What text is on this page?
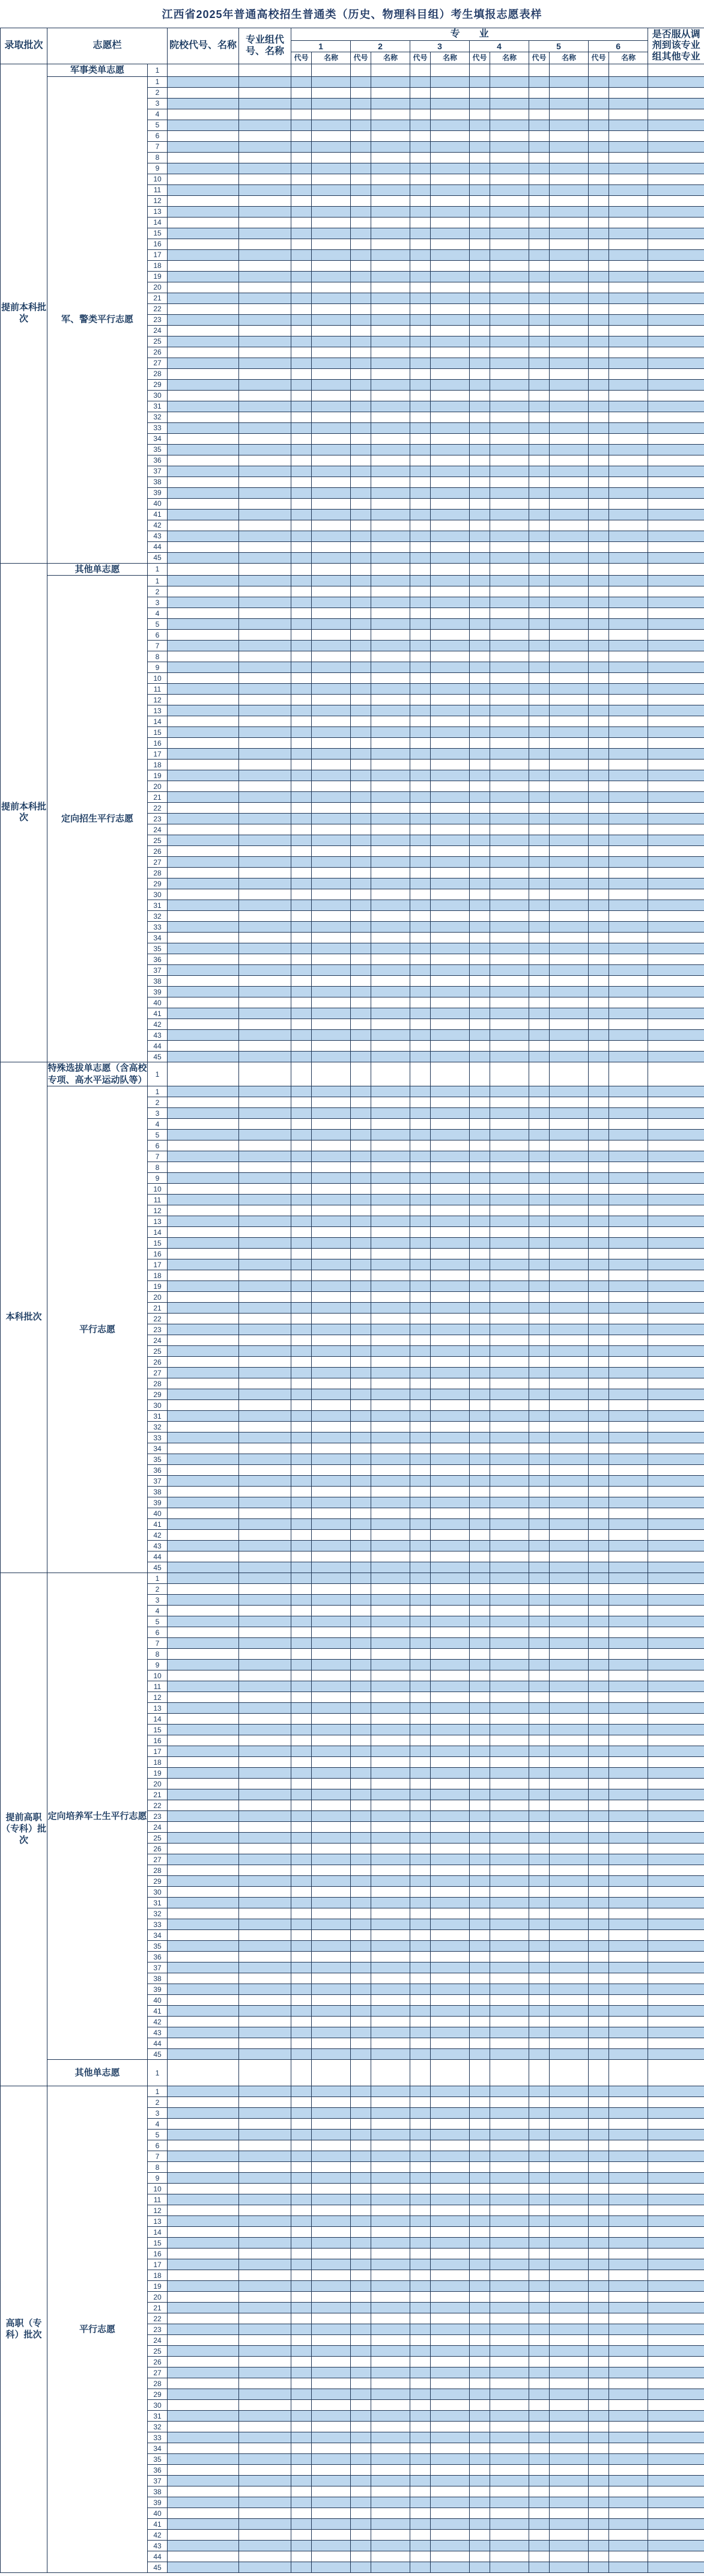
江西省2025年普通高校招生普通类（历史、物理科目组）考生填报志愿表样
录取批次	志愿栏		院校代号、名称	专业组代号、名称	专　　业												是否服从调剂到该专业组其他专业
					1		2		3		4		5		6		
					代号	名称	代号	名称	代号	名称	代号	名称	代号	名称	代号	名称	
提前本科批次	军事类单志愿	1															
	军、警类平行志愿	1															
		2															
		3															
		4															
		5															
		6															
		7															
		8															
		9															
		10															
		11															
		12															
		13															
		14															
		15															
		16															
		17															
		18															
		19															
		20															
		21															
		22															
		23															
		24															
		25															
		26															
		27															
		28															
		29															
		30															
		31															
		32															
		33															
		34															
		35															
		36															
		37															
		38															
		39															
		40															
		41															
		42															
		43															
		44															
		45															
提前本科批次	其他单志愿	1															
	定向招生平行志愿	1															
		2															
		3															
		4															
		5															
		6															
		7															
		8															
		9															
		10															
		11															
		12															
		13															
		14															
		15															
		16															
		17															
		18															
		19															
		20															
		21															
		22															
		23															
		24															
		25															
		26															
		27															
		28															
		29															
		30															
		31															
		32															
		33															
		34															
		35															
		36															
		37															
		38															
		39															
		40															
		41															
		42															
		43															
		44															
		45															
本科批次	特殊选拔单志愿（含高校专项、高水平运动队等）	1															
	平行志愿	1															
		2															
		3															
		4															
		5															
		6															
		7															
		8															
		9															
		10															
		11															
		12															
		13															
		14															
		15															
		16															
		17															
		18															
		19															
		20															
		21															
		22															
		23															
		24															
		25															
		26															
		27															
		28															
		29															
		30															
		31															
		32															
		33															
		34															
		35															
		36															
		37															
		38															
		39															
		40															
		41															
		42															
		43															
		44															
		45															
提前高职（专科）批次	定向培养军士生平行志愿	1															
		2															
		3															
		4															
		5															
		6															
		7															
		8															
		9															
		10															
		11															
		12															
		13															
		14															
		15															
		16															
		17															
		18															
		19															
		20															
		21															
		22															
		23															
		24															
		25															
		26															
		27															
		28															
		29															
		30															
		31															
		32															
		33															
		34															
		35															
		36															
		37															
		38															
		39															
		40															
		41															
		42															
		43															
		44															
		45															
	其他单志愿	1															
高职（专科）批次	平行志愿	1															
		2															
		3															
		4															
		5															
		6															
		7															
		8															
		9															
		10															
		11															
		12															
		13															
		14															
		15															
		16															
		17															
		18															
		19															
		20															
		21															
		22															
		23															
		24															
		25															
		26															
		27															
		28															
		29															
		30															
		31															
		32															
		33															
		34															
		35															
		36															
		37															
		38															
		39															
		40															
		41															
		42															
		43															
		44															
		45															
